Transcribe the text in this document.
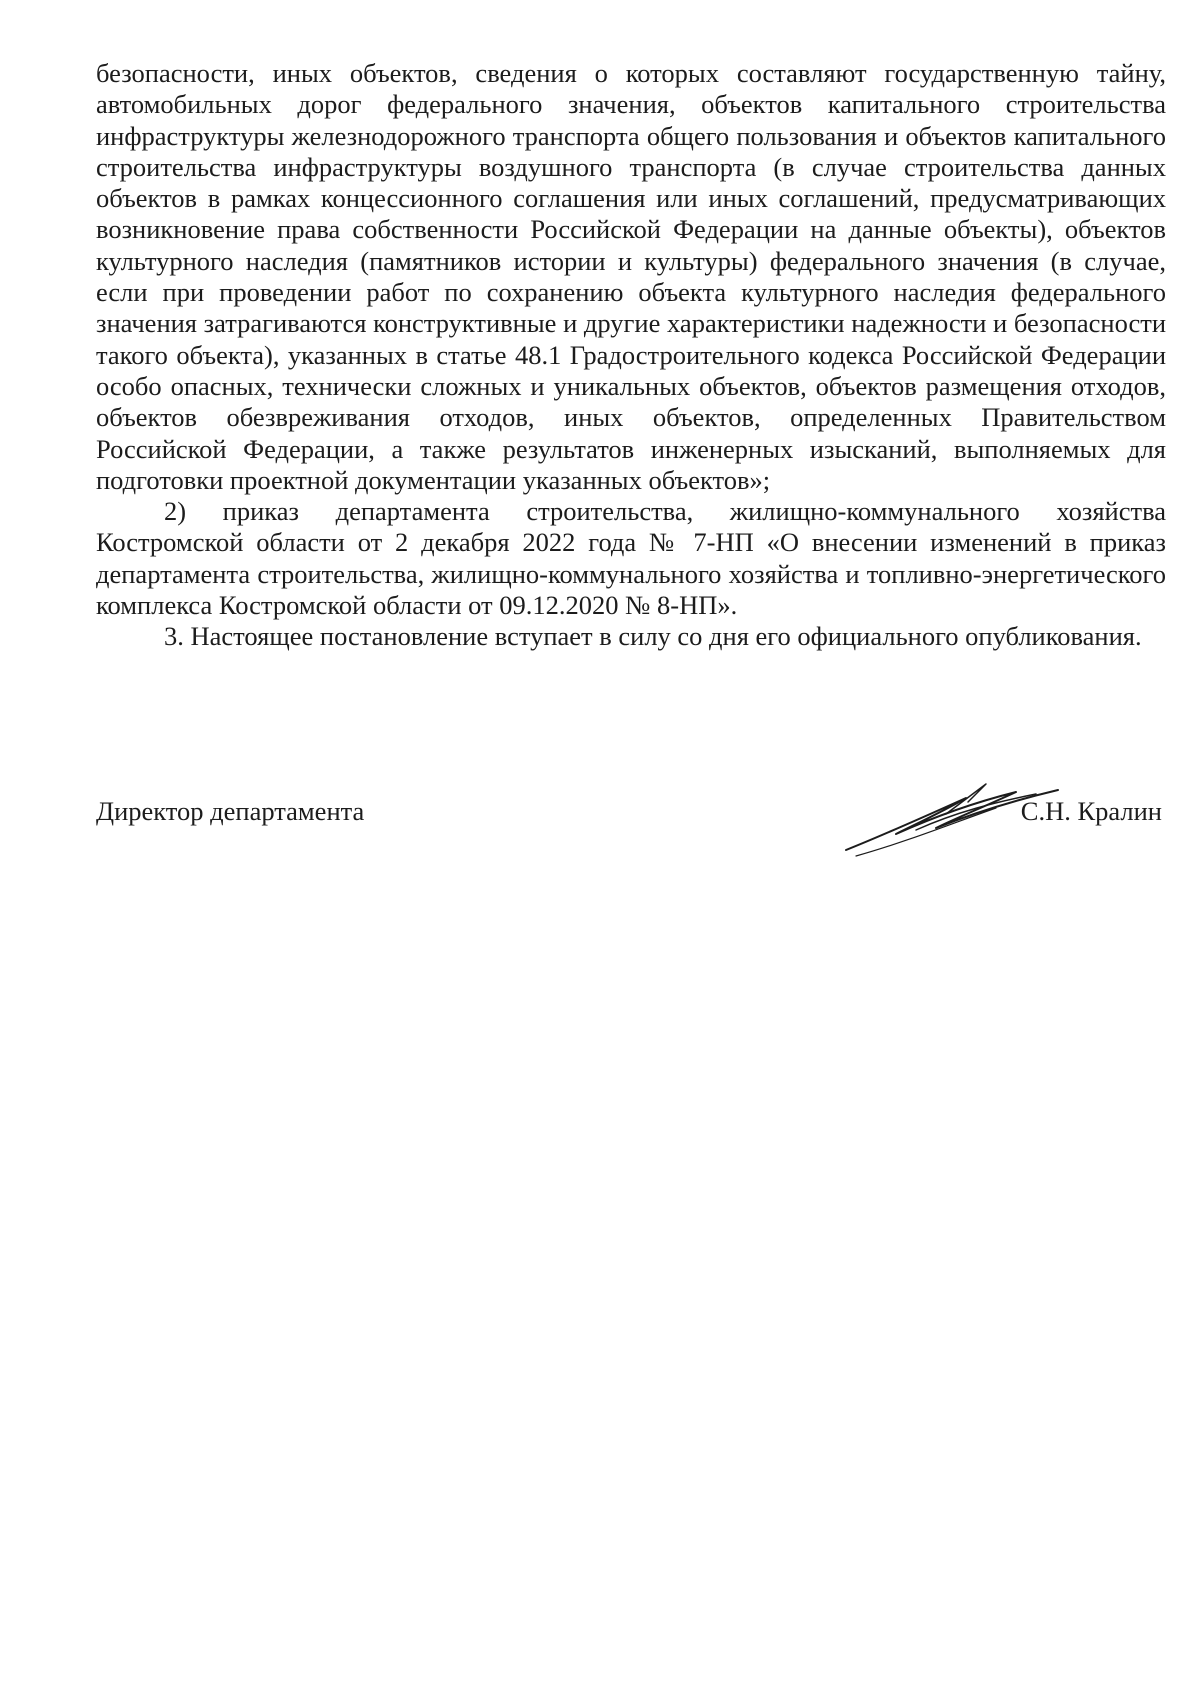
безопасности, иных объектов, сведения о которых составляют государственную тайну, автомобильных дорог федерального значения, объектов капитального строительства инфраструктуры железнодорожного транспорта общего пользования и объектов капитального строительства инфраструктуры воздушного транспорта (в случае строительства данных объектов в рамках концессионного соглашения или иных соглашений, предусматривающих возникновение права собственности Российской Федерации на данные объекты), объектов культурного наследия (памятников истории и культуры) федерального значения (в случае, если при проведении работ по сохранению объекта культурного наследия федерального значения затрагиваются конструктивные и другие характеристики надежности и безопасности такого объекта), указанных в статье 48.1 Градостроительного кодекса Российской Федерации особо опасных, технически сложных и уникальных объектов, объектов размещения отходов, объектов обезвреживания отходов, иных объектов, определенных Правительством Российской Федерации, а также результатов инженерных изысканий, выполняемых для подготовки проектной документации указанных объектов»;

2) приказ департамента строительства, жилищно-коммунального хозяйства Костромской области от 2 декабря 2022 года № 7-НП «О внесении изменений в приказ департамента строительства, жилищно-коммунального хозяйства и топливно-энергетического комплекса Костромской области от 09.12.2020 № 8-НП».

3. Настоящее постановление вступает в силу со дня его официального опубликования.

Директор департамента	С.Н. Кралин
